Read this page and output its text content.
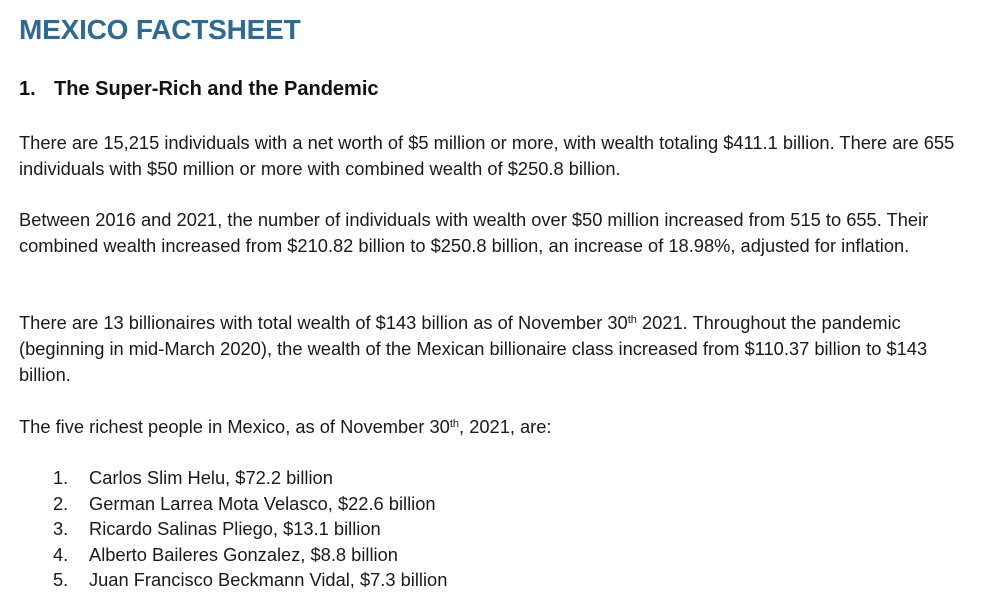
MEXICO FACTSHEET
1. The Super-Rich and the Pandemic

There are 15,215 individuals with a net worth of $5 million or more, with wealth totaling $411.1 billion. There are 655 individuals with $50 million or more with combined wealth of $250.8 billion.

Between 2016 and 2021, the number of individuals with wealth over $50 million increased from 515 to 655. Their combined wealth increased from $210.82 billion to $250.8 billion, an increase of 18.98%, adjusted for inflation.

There are 13 billionaires with total wealth of $143 billion as of November 30th 2021. Throughout the pandemic (beginning in mid-March 2020), the wealth of the Mexican billionaire class increased from $110.37 billion to $143 billion.

The five richest people in Mexico, as of November 30th, 2021, are:

1. Carlos Slim Helu, $72.2 billion
2. German Larrea Mota Velasco, $22.6 billion
3. Ricardo Salinas Pliego, $13.1 billion
4. Alberto Baileres Gonzalez, $8.8 billion
5. Juan Francisco Beckmann Vidal, $7.3 billion
